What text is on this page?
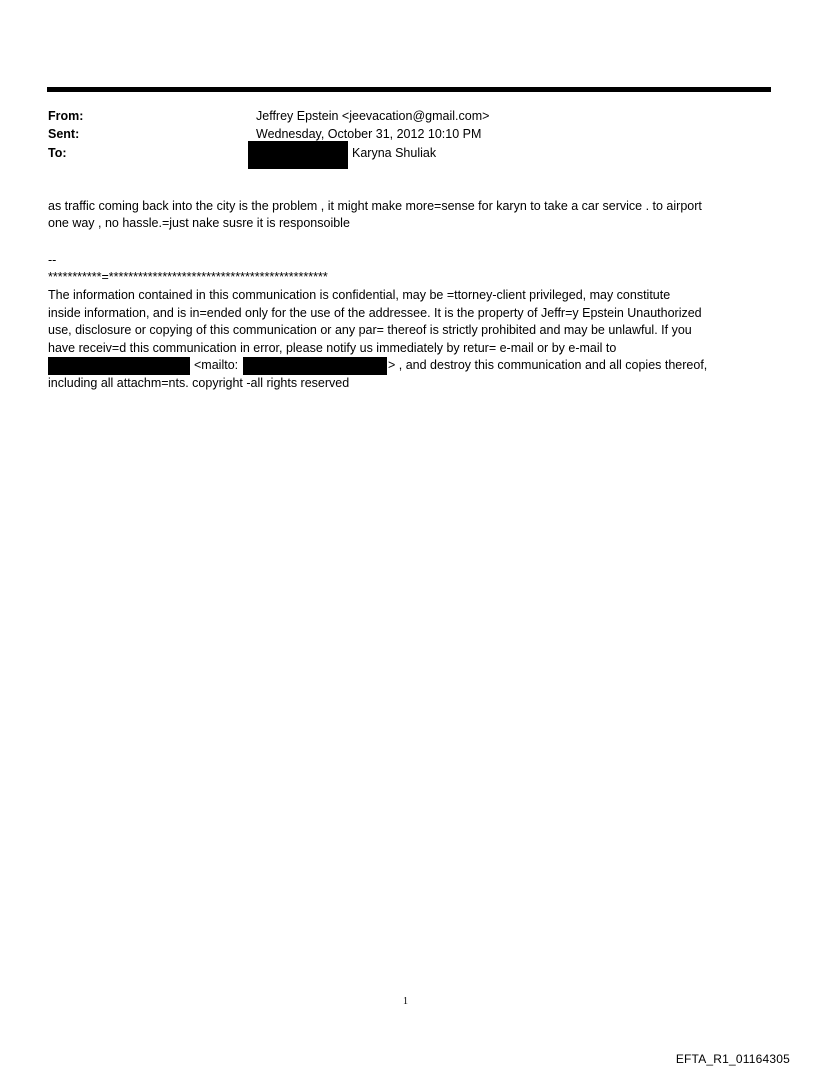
From:	Jeffrey Epstein <jeevacation@gmail.com>
Sent:	Wednesday, October 31, 2012 10:10 PM
To:	Karyna Shuliak
as traffic coming back into the city is the problem , it might make more=sense for karyn to take a car service . to airport
one way , no hassle.=just nake susre it is responsoible
--
***********=*********************************************
The information contained in this communication is confidential, may be =ttorney-client privileged, may constitute
inside information, and is in=ended only for the use of the addressee. It is the property of Jeffr=y Epstein Unauthorized
use, disclosure or copying of this communication or any par= thereof is strictly prohibited and may be unlawful. If you
have receiv=d this communication in error, please notify us immediately by retur= e-mail or by e-mail to
<mailto:	> , and destroy this communication and all copies thereof,
including all attachm=nts. copyright -all rights reserved
1
EFTA_R1_01164305
